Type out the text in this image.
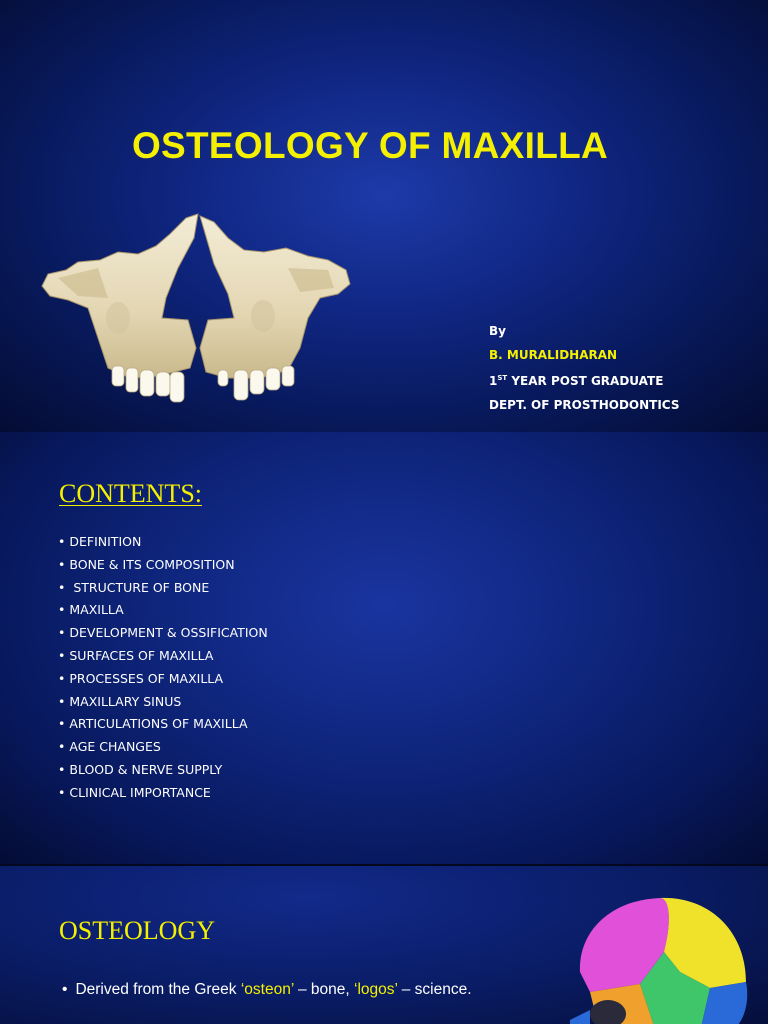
OSTEOLOGY OF MAXILLA
By
B. MURALIDHARAN
1ST YEAR POST GRADUATE
DEPT. OF PROSTHODONTICS
CONTENTS:
• DEFINITION
• BONE & ITS COMPOSITION
• STRUCTURE OF BONE
• MAXILLA
• DEVELOPMENT & OSSIFICATION
• SURFACES OF MAXILLA
• PROCESSES OF MAXILLA
• MAXILLARY SINUS
• ARTICULATIONS OF MAXILLA
• AGE CHANGES
• BLOOD & NERVE SUPPLY
• CLINICAL IMPORTANCE
OSTEOLOGY
• Derived from the Greek ‘osteon’ – bone, ‘logos’ – science.
